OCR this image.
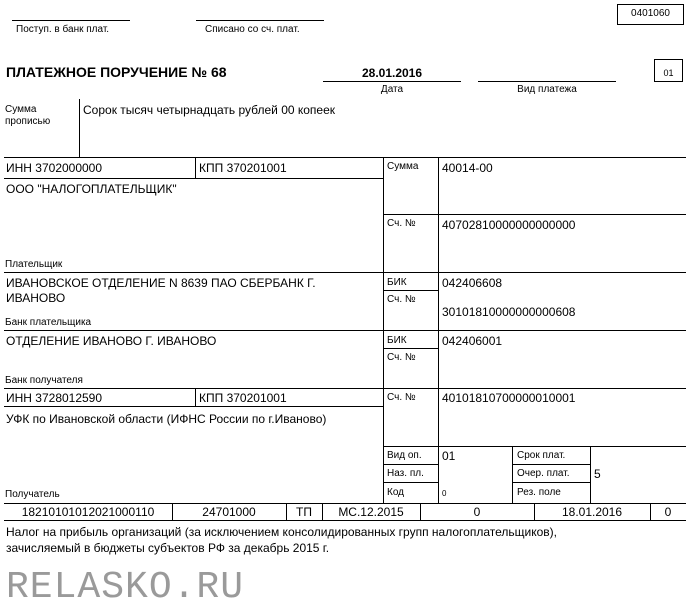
0401060
Поступ. в банк плат.	Списано со сч. плат.
ПЛАТЕЖНОЕ ПОРУЧЕНИЕ № 68	28.01.2016
Дата	Вид платежа
01
Сумма
прописью
Сорок тысяч четырнадцать рублей 00 копеек
ИНН 3702000000	КПП 370201001
ООО "НАЛОГОПЛАТЕЛЬЩИК"
Плательщик
Сумма 40014-00
Сч. № 40702810000000000000
ИВАНОВСКОЕ ОТДЕЛЕНИЕ N 8639 ПАО СБЕРБАНК Г.
ИВАНОВО
Банк плательщика
БИК	042406608
Сч. №
30101810000000000608
ОТДЕЛЕНИЕ ИВАНОВО Г. ИВАНОВО
Банк получателя
БИК	042406001
Сч. №
ИНН 3728012590	КПП 370201001
УФК по Ивановской области (ИФНС России по г.Иваново)
Получатель
Сч. № 40101810700000010001
Вид оп. 01
Наз. пл.
Код	0
Срок плат.
Очер. плат. 5
Рез. поле
18210101012021000110	24701000	ТП	МС.12.2015	0	18.01.2016	0
Налог на прибыль организаций (за исключением консолидированных групп налогоплательщиков),
зачисляемый в бюджеты субъектов РФ за декабрь 2015 г.
RELASKO.RU
